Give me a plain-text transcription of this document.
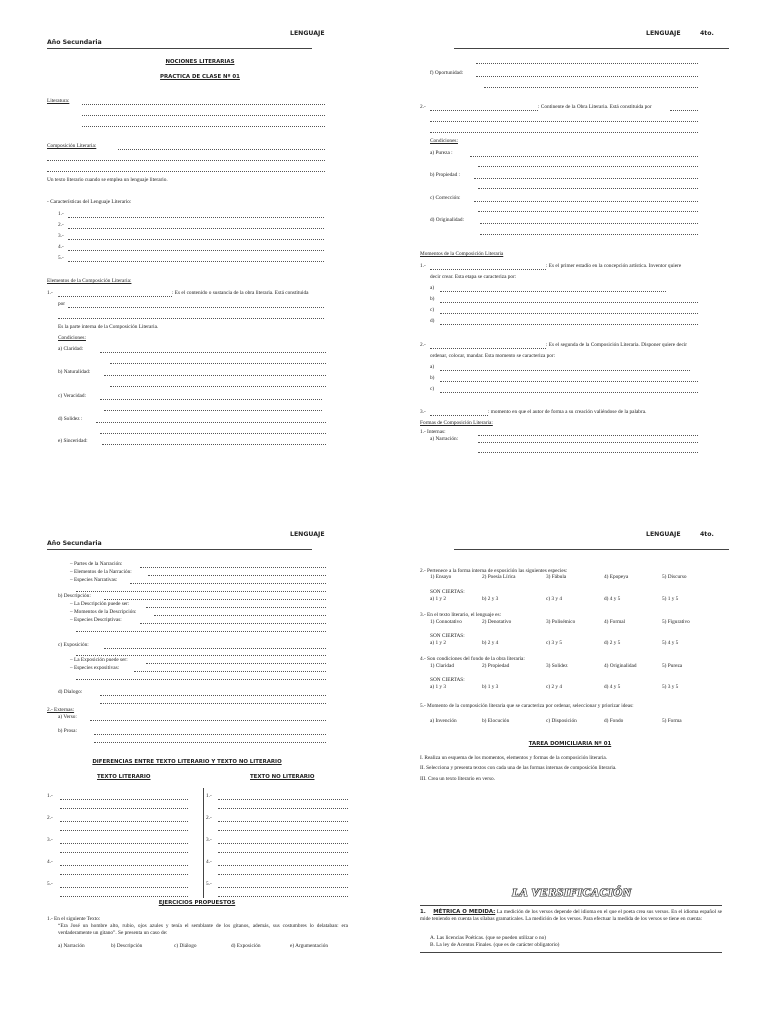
LENGUAJE
Año Secundaria
NOCIONES LITERARIAS
PRACTICA DE CLASE Nº 01
Literatura:
Composición Literaria:
Un texto literario cuando se emplea un lenguaje literario.
- Características del Lenguaje Literario:
1.-
2.-
3.-
4.-
5.-
Elementos de la Composición Literaria:
1.-	: Es el contenido o sustancia de la obra literaria. Está constituida
por
Es la parte interna de la Composición Literaria.
Condiciones:
a) Claridad:
b) Naturalidad:
c) Veracidad:
d) Solidez :
e) Sinceridad:
LENGUAJE	4to.
f) Oportunidad:
2.-	: Continente de la Obra Literaria. Está constituida por
Condiciones:
a) Pureza :
b) Propiedad :
c) Corrección:
d) Originalidad:
Momentos de la Composición Literaria
1.-	: Es el primer estadío en la concepción artística. Inventor quiere
decir crear. Esta etapa se caracteriza por:
a)
b)
c)
d)
2.-	: Es el segunda de la Composición Literaria. Disponer quiere decir
ordenar, colocar, mandar. Esta momento se caracteriza por:
a)
b)
c)
3.-	: momento en que el autor de forma a su creación valiéndose de la palabra.
Formas de Composición Literaria:
1.- Internas:
a) Narración:
LENGUAJE
Año Secundaria
– Partes de la Narración:
– Elementos de la Narración:
– Especies Narrativas:
b) Descripción:
– La Descripción puede ser:
– Momentos de la Descripción:
– Especies Descriptivas:
c) Exposición:
– La Exposición puede ser:
– Especies expositivas:
d) Dialogo:
2.- Externas:
a) Verso:
b) Prosa:
DIFERENCIAS ENTRE TEXTO LITERARIO Y TEXTO NO LITERARIO
TEXTO LITERARIO	TEXTO NO LITERARIO
1.-	1.-
2.-	2.-
3.-	3.-
4.-	4.-
5.-	5.-
EJERCICIOS PROPUESTOS
1.- En el siguiente Texto:
“Era José un hombre alto, rubio, ojos azules y tenía el semblante de los gitanos, además, sus costumbres lo delataban: era verdaderamente un gitano”. Se presenta un caso de:
a) Narración	b) Descripción	c) Diálogo	d) Exposición	e) Argumentación
LENGUAJE	4to.
2.- Pertenece a la forma interna de exposición las siguientes especies:
1) Ensayo	2) Poesía Lírica	3) Fábula	4) Epopeya	5) Discurso
SON CIERTAS:
a) 1 y 2	b) 2 y 3	c) 3 y 4	d) 4 y 5	5) 1 y 5
3.- En el texto literario, el lenguaje es:
1) Connotativo	2) Denotativo	3) Polisémico	4) Formal	5) Figurativo
SON CIERTAS:
a) 1 y 2	b) 2 y 4	c) 3 y 5	d) 2 y 5	5) 4 y 5
4.- Son condiciones del fondo de la obra literaria:
1) Claridad	2) Propiedad	3) Solidez	4) Originalidad	5) Pureza
SON CIERTAS:
a) 1 y 3	b) 1 y 3	c) 2 y 4	d) 4 y 5	5) 3 y 5
5.- Momento de la composición literaria que se caracteriza por ordenar, seleccionar y priorizar ideas:
a) Invención	b) Elocución	c) Disposición	d) Fondo	5) Forma
TAREA DOMICILIARIA Nº 01
I. Realiza un esquema de los momentos, elementos y formas de la composición literaria.
II. Selecciona y presenta textos con cada una de las formas internas de composición literaria.
III. Crea un texto literario en verso.
LA VERSIFICACIÓN
1. MÉTRICA O MEDIDA: La medición de los versos depende del idioma en el que el poeta crea sus versos. En el idioma español se mide teniendo en cuenta las sílabas gramaticales. La medición de los versos. Para efectuar la medida de los versos se tiene en cuenta:
A. Las licencias Poéticas. (que se pueden utilizar o no)
B. La ley de Acentos Finales. (que es de carácter obligatorio)
